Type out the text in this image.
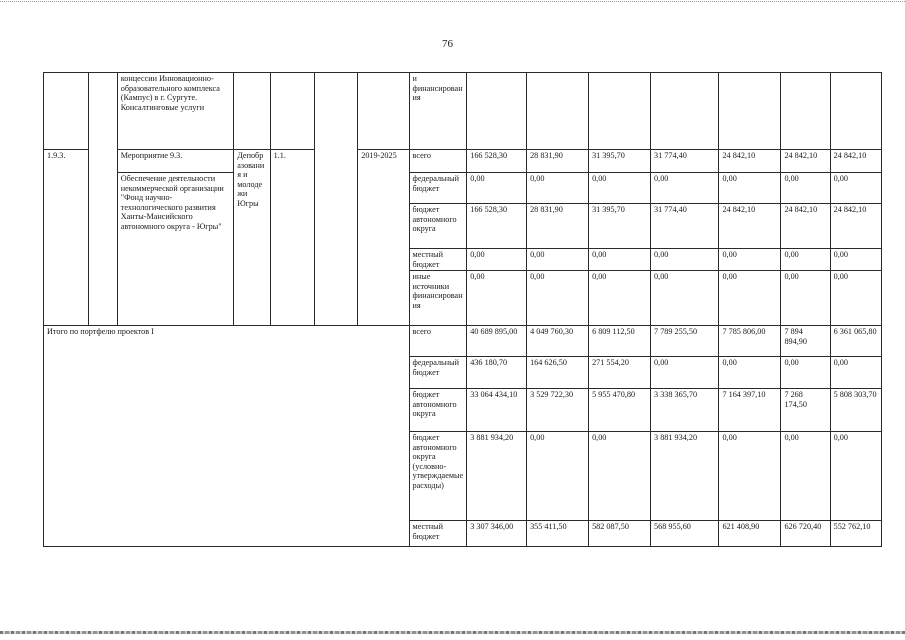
76
		концессии Инновационно-образовательного комплекса (Кампус) в г. Сургуте. Консалтинговые услуги					и финансирования							
1.9.3.		Мероприятие 9.3.	Депобразования и молодежи Югры	1.1.		2019-2025	всего	166 528,30	28 831,90	31 395,70	31 774,40	24 842,10	24 842,10	24 842,10
		Обеспечение деятельности некоммерческой организации "Фонд научно-технологического развития Ханты-Мансийского автономного округа - Югры"					федеральный бюджет	0,00	0,00	0,00	0,00	0,00	0,00	0,00
							бюджет автономного округа	166 528,30	28 831,90	31 395,70	31 774,40	24 842,10	24 842,10	24 842,10
							местный бюджет	0,00	0,00	0,00	0,00	0,00	0,00	0,00
							иные источники финансирования	0,00	0,00	0,00	0,00	0,00	0,00	0,00
Итого по портфелю проектов I							всего	40 689 895,00	4 049 760,30	6 809 112,50	7 789 255,50	7 785 806,00	7 894 894,90	6 361 065,80
							федеральный бюджет	436 180,70	164 626,50	271 554,20	0,00	0,00	0,00	0,00
							бюджет автономного округа	33 064 434,10	3 529 722,30	5 955 470,80	3 338 365,70	7 164 397,10	7 268 174,50	5 808 303,70
							бюджет автономного округа (условно-утверждаемые расходы)	3 881 934,20	0,00	0,00	3 881 934,20	0,00	0,00	0,00
							местный бюджет	3 307 346,00	355 411,50	582 087,50	568 955,60	621 408,90	626 720,40	552 762,10
